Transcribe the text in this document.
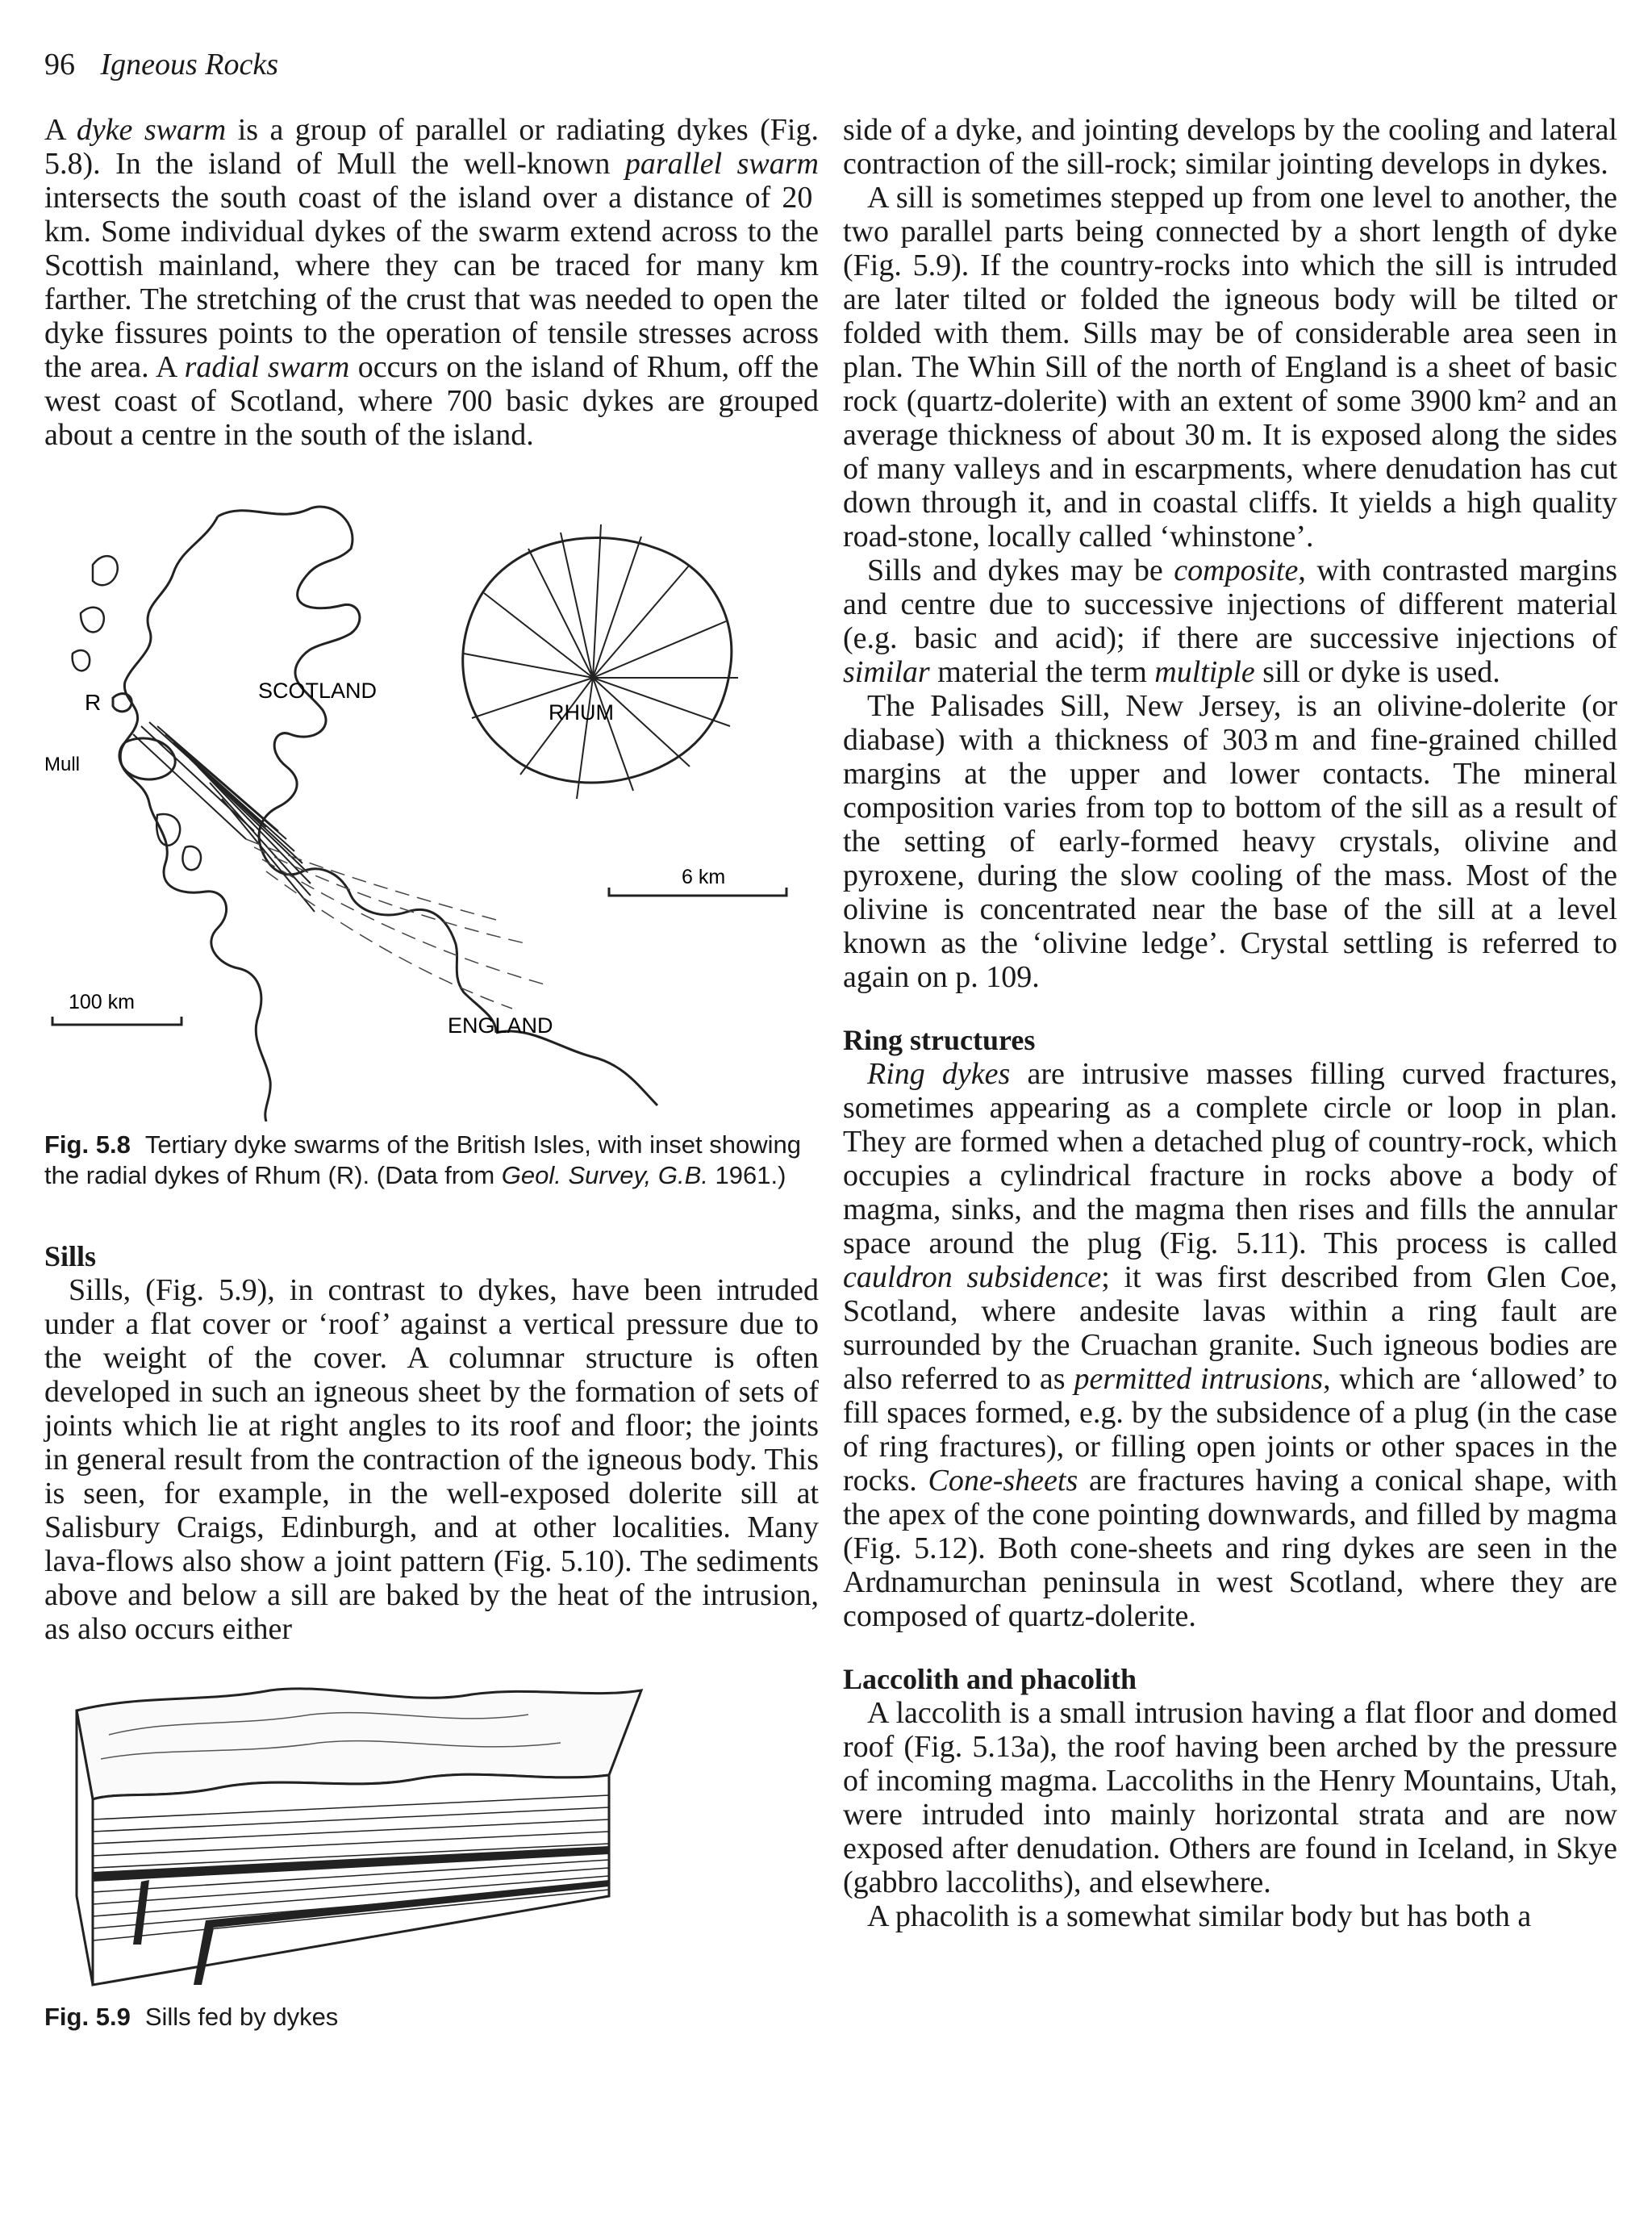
96 Igneous Rocks

A dyke swarm is a group of parallel or radiating dykes (Fig. 5.8). In the island of Mull the well-known parallel swarm intersects the south coast of the island over a distance of 20 km. Some individual dykes of the swarm extend across to the Scottish mainland, where they can be traced for many km farther. The stretching of the crust that was needed to open the dyke fissures points to the operation of tensile stresses across the area. A radial swarm occurs on the island of Rhum, off the west coast of Scotland, where 700 basic dykes are grouped about a centre in the south of the island.

R
Mull
SCOTLAND
RHUM
6 km
100 km
ENGLAND
Fig. 5.8 Tertiary dyke swarms of the British Isles, with inset showing the radial dykes of Rhum (R). (Data from Geol. Survey, G.B. 1961.)
Sills

Sills, (Fig. 5.9), in contrast to dykes, have been intruded under a flat cover or ‘roof’ against a vertical pressure due to the weight of the cover. A columnar structure is often developed in such an igneous sheet by the formation of sets of joints which lie at right angles to its roof and floor; the joints in general result from the contraction of the igneous body. This is seen, for example, in the well-exposed dolerite sill at Salisbury Craigs, Edinburgh, and at other localities. Many lava-flows also show a joint pattern (Fig. 5.10). The sediments above and below a sill are baked by the heat of the intrusion, as also occurs either

Fig. 5.9 Sills fed by dykes

side of a dyke, and jointing develops by the cooling and lateral contraction of the sill-rock; similar jointing develops in dykes.

A sill is sometimes stepped up from one level to another, the two parallel parts being connected by a short length of dyke (Fig. 5.9). If the country-rocks into which the sill is intruded are later tilted or folded the igneous body will be tilted or folded with them. Sills may be of considerable area seen in plan. The Whin Sill of the north of England is a sheet of basic rock (quartz-dolerite) with an extent of some 3900 km² and an average thickness of about 30 m. It is exposed along the sides of many valleys and in escarpments, where denudation has cut down through it, and in coastal cliffs. It yields a high quality road-stone, locally called ‘whinstone’.

Sills and dykes may be composite, with contrasted margins and centre due to successive injections of different material (e.g. basic and acid); if there are successive injections of similar material the term multiple sill or dyke is used.

The Palisades Sill, New Jersey, is an olivine-dolerite (or diabase) with a thickness of 303 m and fine-grained chilled margins at the upper and lower contacts. The mineral composition varies from top to bottom of the sill as a result of the setting of early-formed heavy crystals, olivine and pyroxene, during the slow cooling of the mass. Most of the olivine is concentrated near the base of the sill at a level known as the ‘olivine ledge’. Crystal settling is referred to again on p. 109.

Ring structures

Ring dykes are intrusive masses filling curved fractures, sometimes appearing as a complete circle or loop in plan. They are formed when a detached plug of country-rock, which occupies a cylindrical fracture in rocks above a body of magma, sinks, and the magma then rises and fills the annular space around the plug (Fig. 5.11). This process is called cauldron subsidence; it was first described from Glen Coe, Scotland, where andesite lavas within a ring fault are surrounded by the Cruachan granite. Such igneous bodies are also referred to as permitted intrusions, which are ‘allowed’ to fill spaces formed, e.g. by the subsidence of a plug (in the case of ring fractures), or filling open joints or other spaces in the rocks. Cone-sheets are fractures having a conical shape, with the apex of the cone pointing downwards, and filled by magma (Fig. 5.12). Both cone-sheets and ring dykes are seen in the Ardnamurchan peninsula in west Scotland, where they are composed of quartz-dolerite.

Laccolith and phacolith

A laccolith is a small intrusion having a flat floor and domed roof (Fig. 5.13a), the roof having been arched by the pressure of incoming magma. Laccoliths in the Henry Mountains, Utah, were intruded into mainly horizontal strata and are now exposed after denudation. Others are found in Iceland, in Skye (gabbro laccoliths), and elsewhere.

A phacolith is a somewhat similar body but has both a
